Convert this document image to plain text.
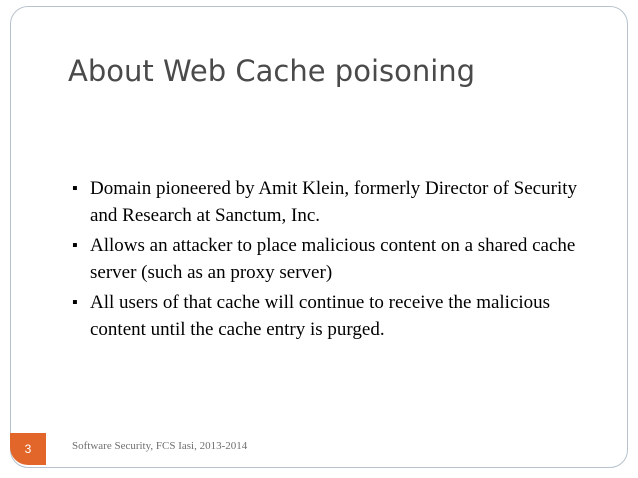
About Web Cache poisoning
▪ Domain pioneered by Amit Klein, formerly Director of Security and Research at Sanctum, Inc.
▪ Allows an attacker to place malicious content on a shared cache server (such as an proxy server)
▪ All users of that cache will continue to receive the malicious content until the cache entry is purged.
3	Software Security, FCS Iasi, 2013-2014
